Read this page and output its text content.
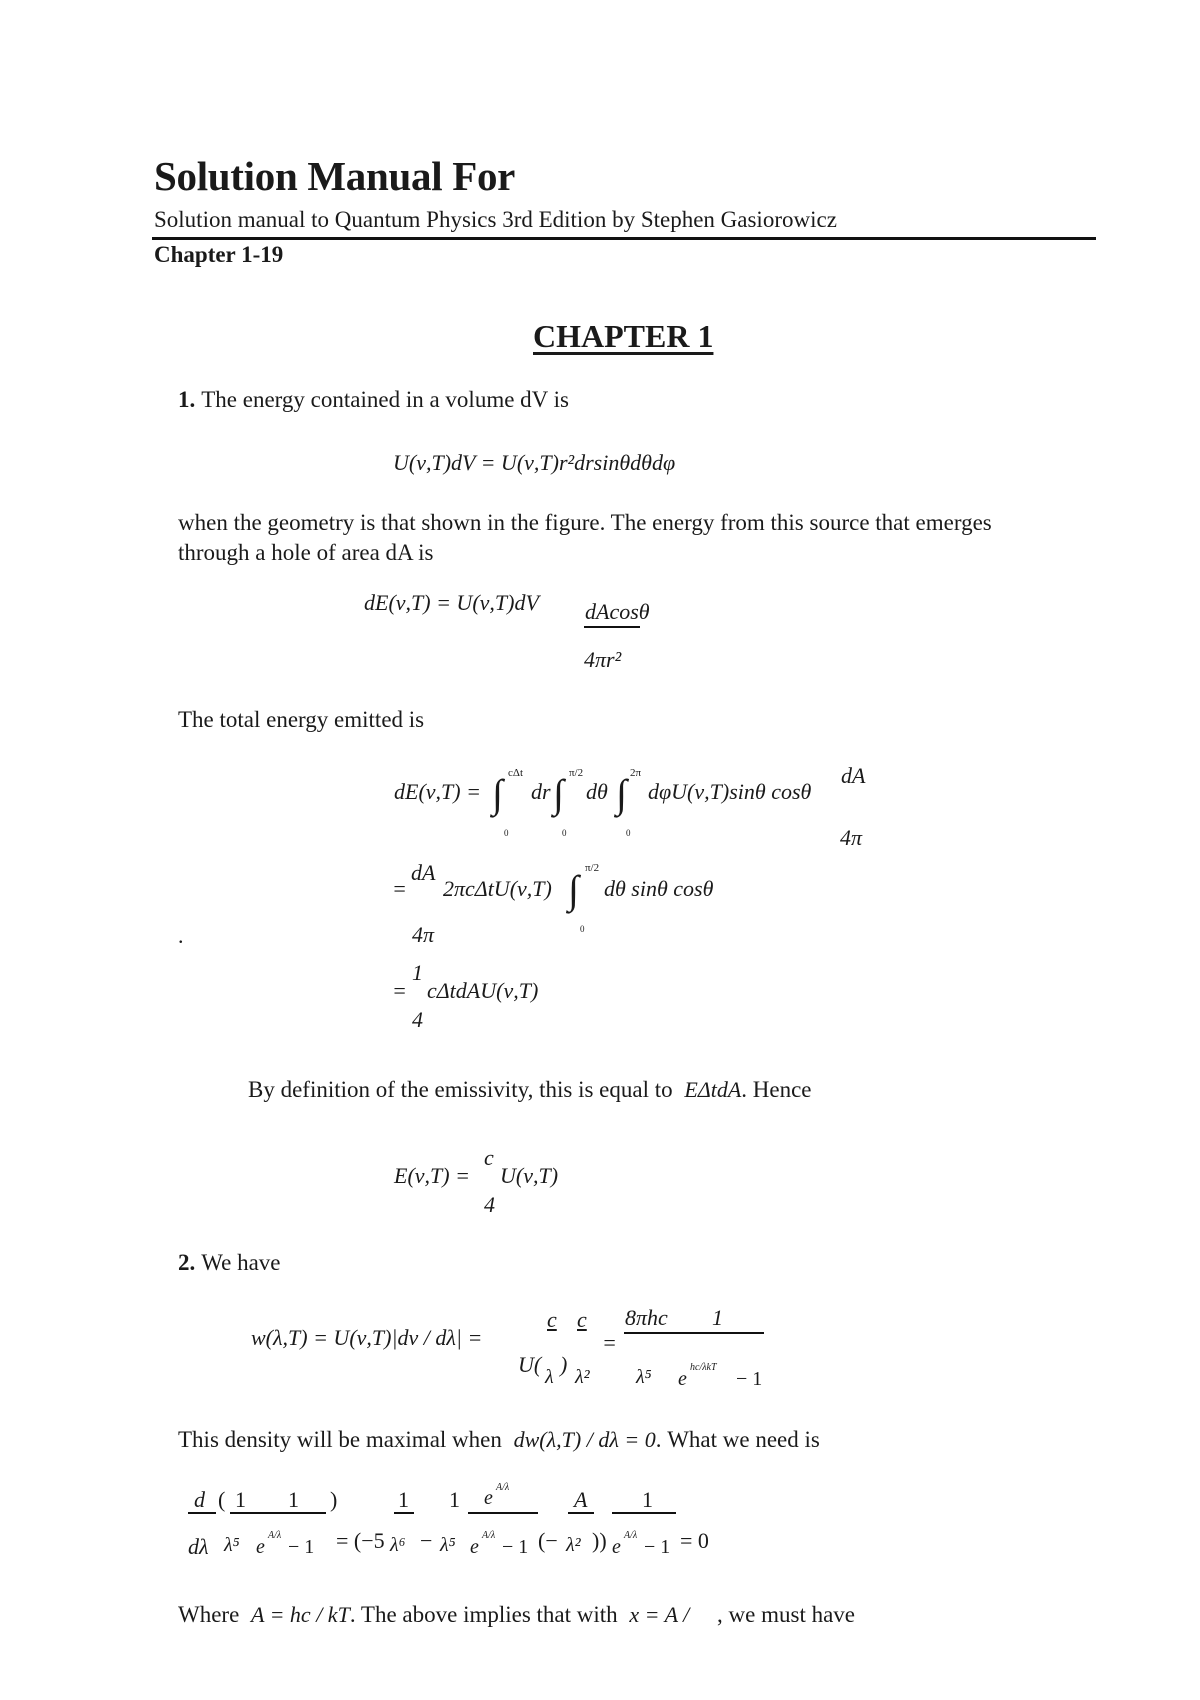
Solution Manual For
Solution manual to Quantum Physics 3rd Edition by Stephen Gasiorowicz
Chapter 1-19
CHAPTER 1
1. The energy contained in a volume dV is
U(ν,T)dV = U(ν,T)r²drsinθdθdφ
when the geometry is that shown in the figure. The energy from this source that emerges
through a hole of area dA is
dE(ν,T) = U(ν,T)dV dAcosθ
4πr²
The total energy emitted is
dE(ν,T) = ∫ cΔt
0
dr ∫ π/2
0
dθ ∫ 2π
0
dφU(ν,T)sinθ cosθ
dA
4π
=
dA
4π
2πcΔtU(ν,T) ∫ π/2
0
dθ sinθ cosθ
.
=
1
4
cΔtdAU(ν,T)
By definition of the emissivity, this is equal to EΔtdA. Hence
E(ν,T) =
c
4
U(ν,T)
2. We have
w(λ,T) = U(ν,T)|dν / dλ| =
c c
U( λ ) λ²
=
8πhc 1
λ⁵ e
hc/λkT
− 1
This density will be maximal when dw(λ,T) / dλ = 0. What we need is
d
dλ
( 1 1 )
λ⁵ e
A/λ
− 1 = (−5
1
λ⁶ −
1
λ⁵
e A/λ
e
A/λ
− 1 (−
A
λ² ))
1
e
A/λ
− 1 = 0
Where A = hc / kT. The above implies that with x = A / , we must have
